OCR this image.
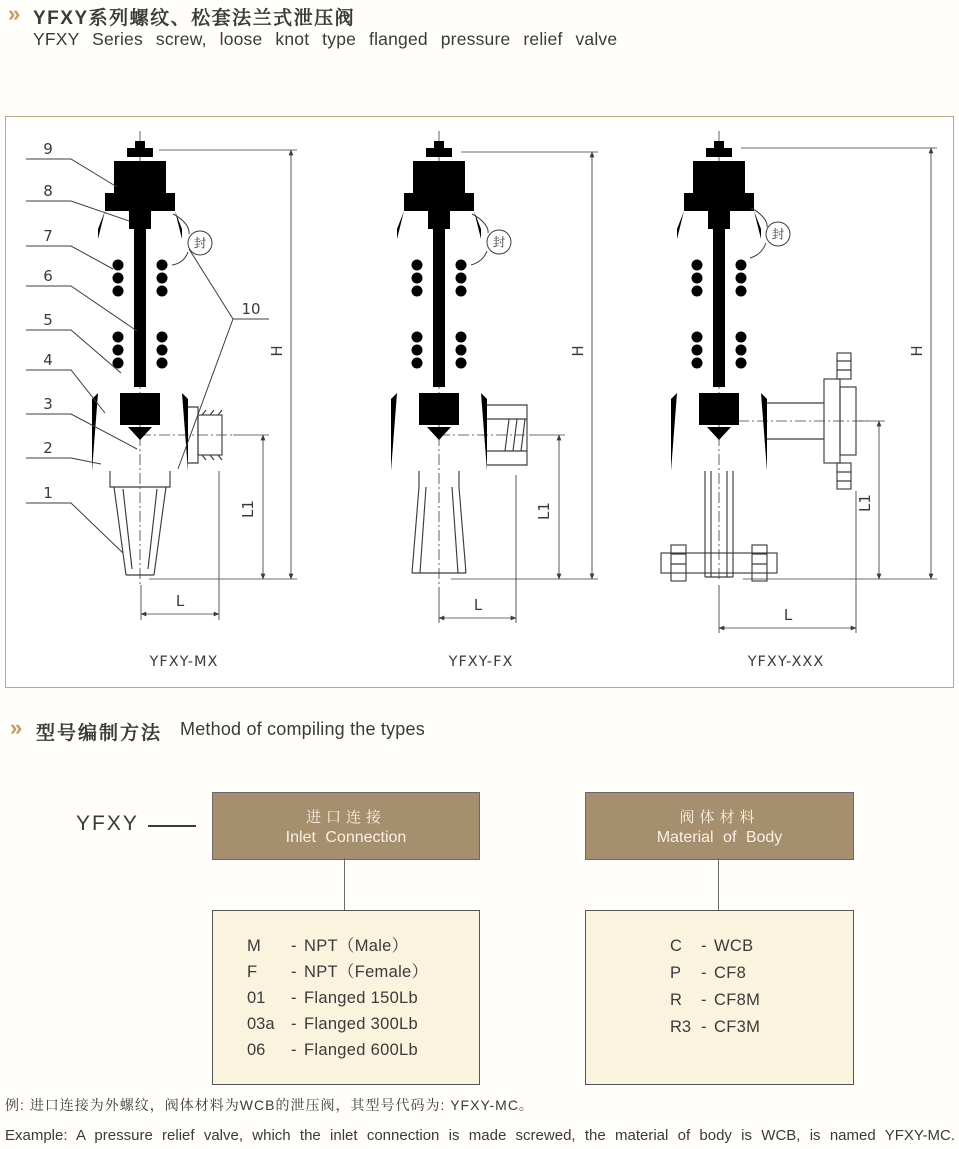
» YFXY系列螺纹、松套法兰式泄压阀
YFXY Series screw, loose knot type flanged pressure relief valve
9
8
7
6
5
4
3
2
1
10
封
H
L1
L
YFXY-MX
封
H
L1
L
YFXY-FX
封
H
L1
L
YFXY-XXX
» 型号编制方法 Method of compiling the types
YFXY	进口连接
Inlet Connection
阀体材料
Material of Body
M	- NPT（Male）
F	- NPT（Female）
01	- Flanged 150Lb
03a - Flanged 300Lb
06	- Flanged 600Lb
C	- WCB
P	- CF8
R	- CF8M
R3 - CF3M
例: 进口连接为外螺纹，阀体材料为WCB的泄压阀，其型号代码为: YFXY-MC。
Example: A pressure relief valve, which the inlet connection is made screwed, the material of body is WCB, is named YFXY-MC.
